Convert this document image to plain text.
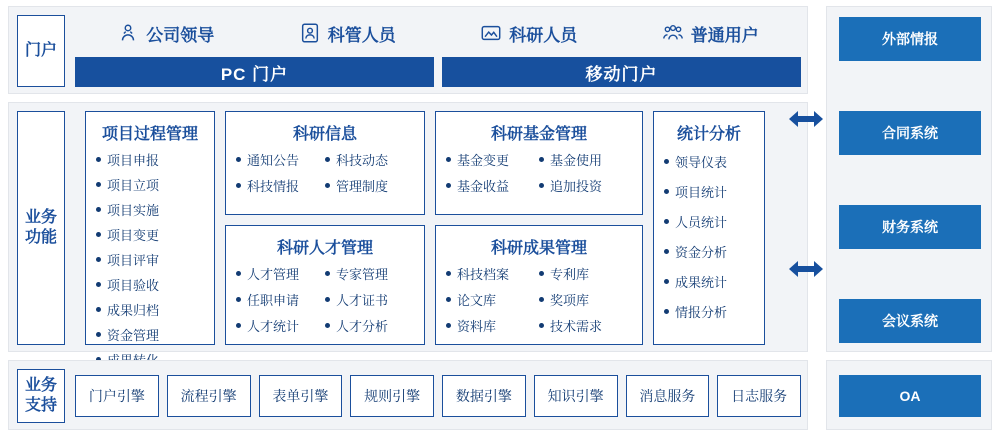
门户
公司领导	科管人员	科研人员	普通用户
PC 门户	移动门户
业务功能
项目过程管理
项目申报
项目立项
项目实施
项目变更
项目评审
项目验收
成果归档
资金管理
科研信息
通知公告
科技情报
科技动态
管理制度
科研人才管理
人才管理
任职申请
人才统计
专家管理
人才证书
人才分析
科研基金管理
基金变更
基金收益
基金使用
追加投资
科研成果管理
科技档案
论文库
资料库
专利库
奖项库
技术需求
统计分析
领导仪表
项目统计
人员统计
资金分析
成果统计
情报分析
业务支持
门户引擎	流程引擎	表单引擎	规则引擎	数据引擎	知识引擎	消息服务	日志服务
外部情报
合同系统
财务系统
会议系统
OA
